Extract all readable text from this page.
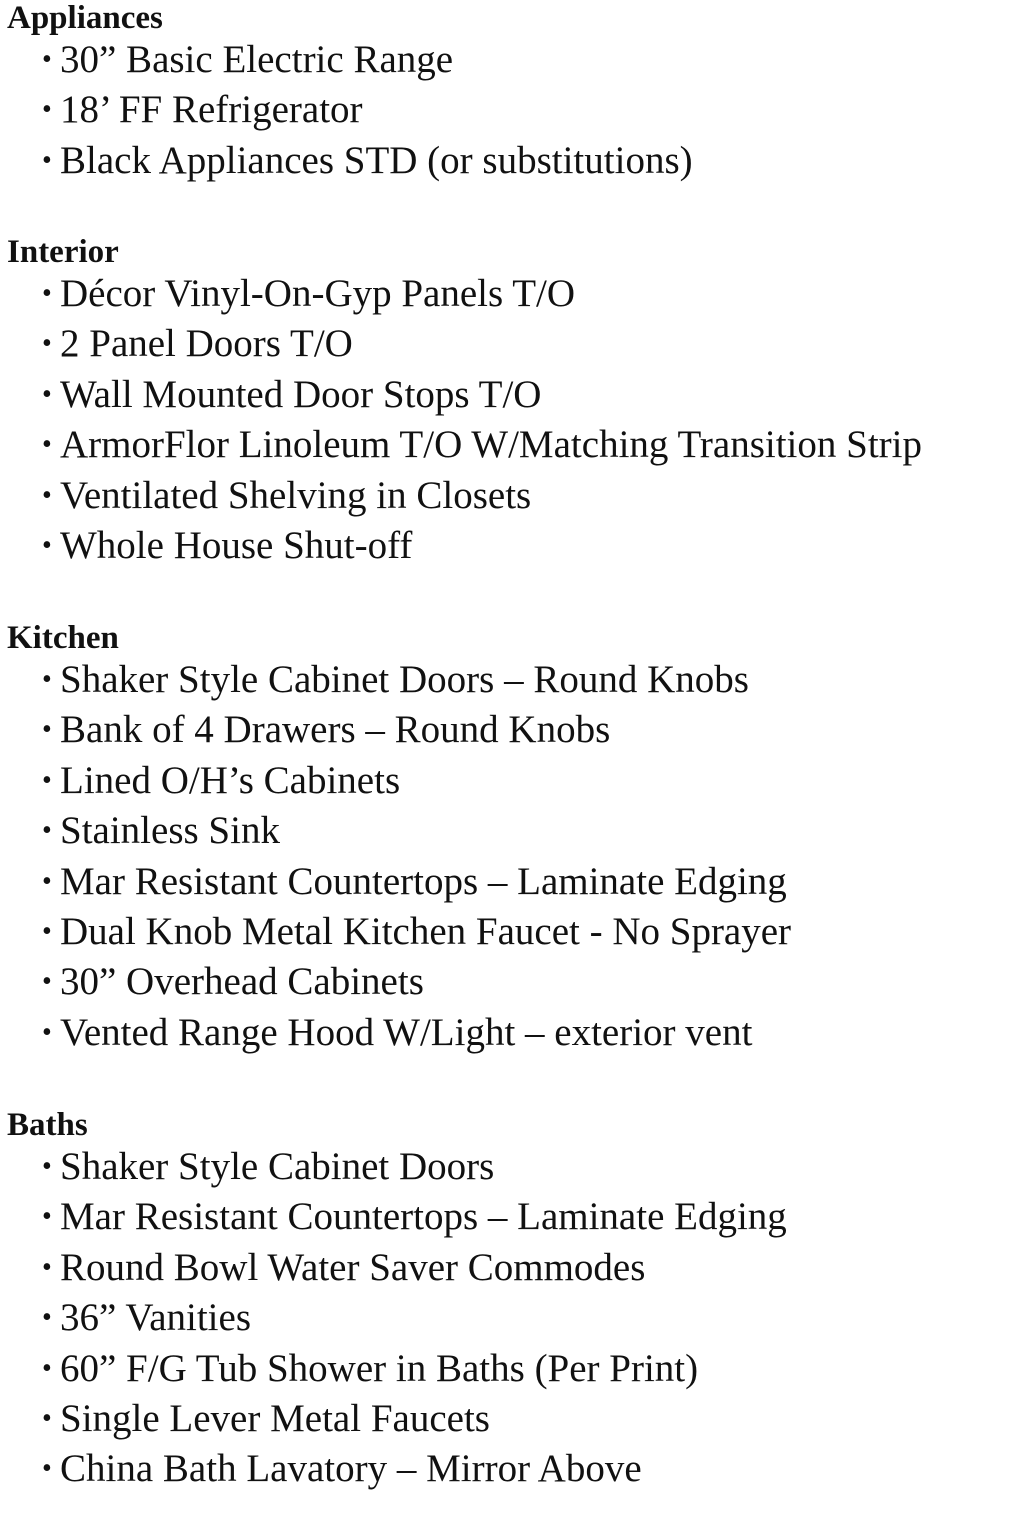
Appliances
• 30” Basic Electric Range
• 18’ FF Refrigerator
• Black Appliances STD (or substitutions)
Interior
• Décor Vinyl-On-Gyp Panels T/O
• 2 Panel Doors T/O
• Wall Mounted Door Stops T/O
• ArmorFlor Linoleum T/O W/Matching Transition Strip
• Ventilated Shelving in Closets
• Whole House Shut-off
Kitchen
• Shaker Style Cabinet Doors – Round Knobs
• Bank of 4 Drawers – Round Knobs
• Lined O/H’s Cabinets
• Stainless Sink
• Mar Resistant Countertops – Laminate Edging
• Dual Knob Metal Kitchen Faucet - No Sprayer
• 30” Overhead Cabinets
• Vented Range Hood W/Light – exterior vent
Baths
• Shaker Style Cabinet Doors
• Mar Resistant Countertops – Laminate Edging
• Round Bowl Water Saver Commodes
• 36” Vanities
• 60” F/G Tub Shower in Baths (Per Print)
• Single Lever Metal Faucets
• China Bath Lavatory – Mirror Above
